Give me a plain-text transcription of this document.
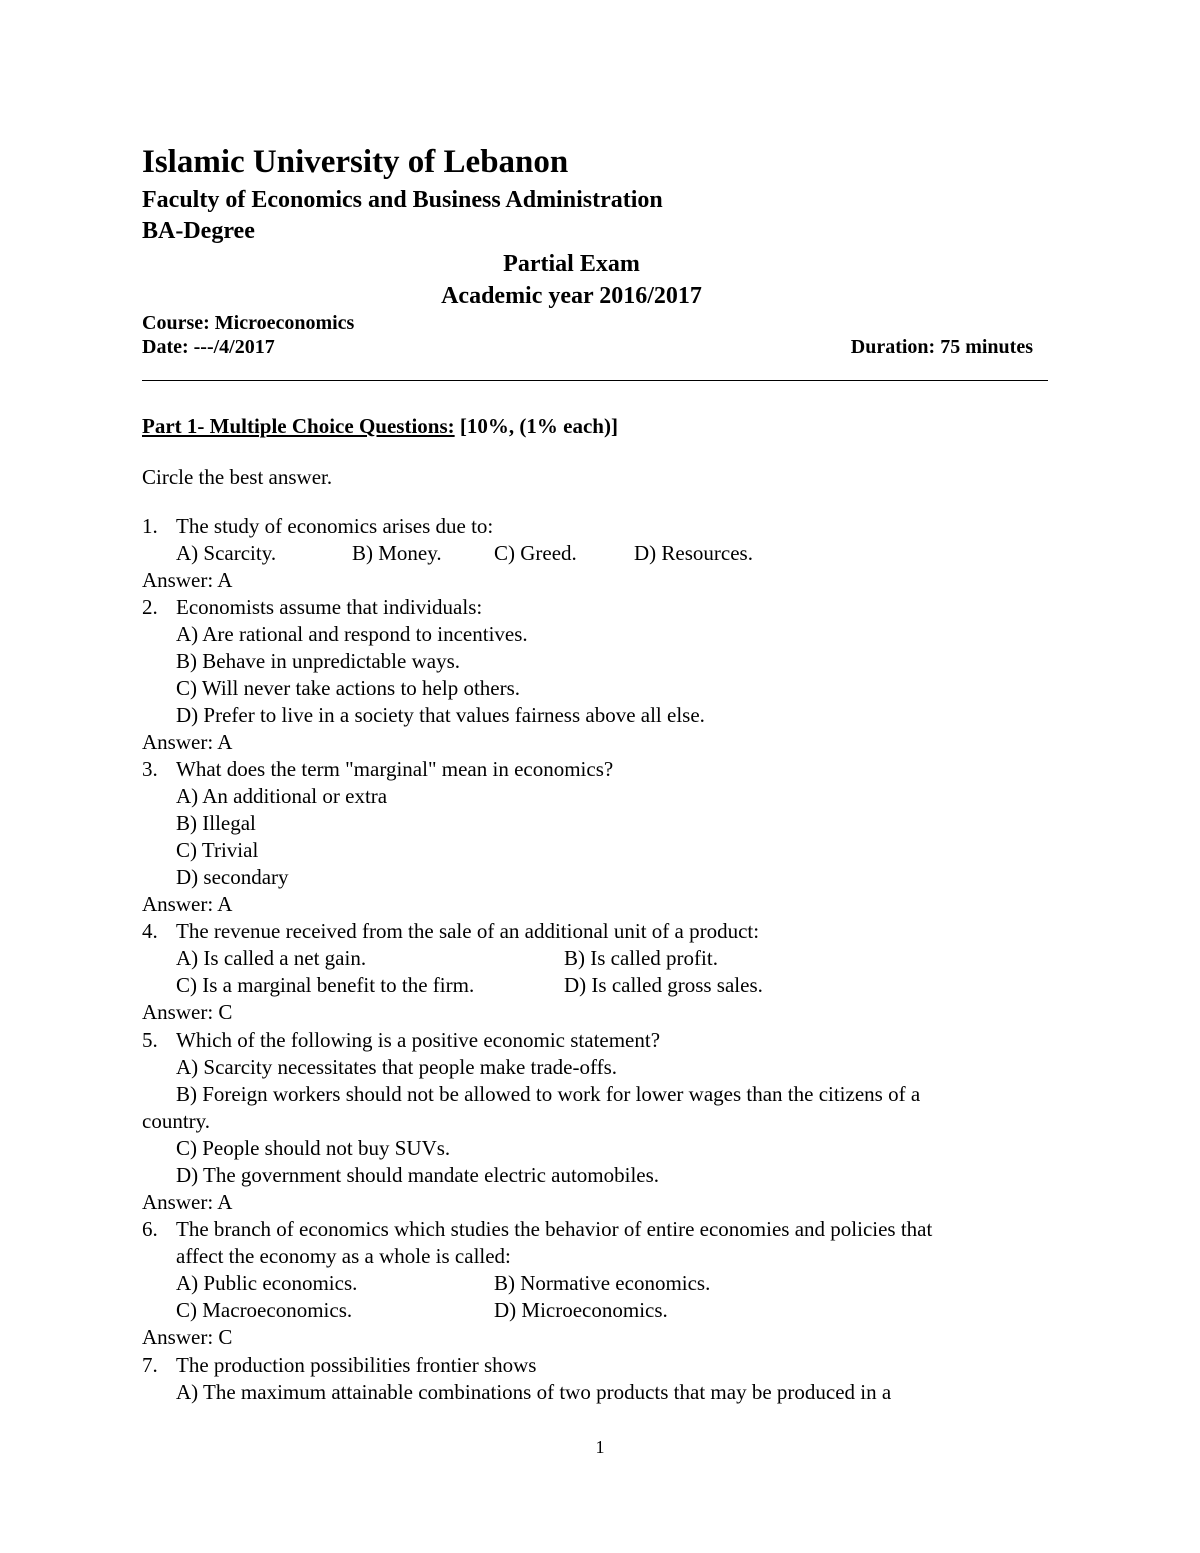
Islamic University of Lebanon
Faculty of Economics and Business Administration
BA-Degree
Partial Exam
Academic year 2016/2017
Course: Microeconomics
Date: ---/4/2017	Duration: 75 minutes
Part 1- Multiple Choice Questions: [10%, (1% each)]
Circle the best answer.
1. The study of economics arises due to:
A) Scarcity.	B) Money. C) Greed.	D) Resources.
Answer: A
2. Economists assume that individuals:
A) Are rational and respond to incentives.
B) Behave in unpredictable ways.
C) Will never take actions to help others.
D) Prefer to live in a society that values fairness above all else.
Answer: A
3. What does the term "marginal" mean in economics?
A) An additional or extra
B) Illegal
C) Trivial
D) secondary
Answer: A
4. The revenue received from the sale of an additional unit of a product:
A) Is called a net gain.	B) Is called profit.
C) Is a marginal benefit to the firm.	D) Is called gross sales.
Answer: C
5. Which of the following is a positive economic statement?
A) Scarcity necessitates that people make trade-offs.
B) Foreign workers should not be allowed to work for lower wages than the citizens of a
country.
C) People should not buy SUVs.
D) The government should mandate electric automobiles.
Answer: A
6. The branch of economics which studies the behavior of entire economies and policies that
affect the economy as a whole is called:
A) Public economics.	B) Normative economics.
C) Macroeconomics.	D) Microeconomics.
Answer: C
7. The production possibilities frontier shows
A) The maximum attainable combinations of two products that may be produced in a
1
